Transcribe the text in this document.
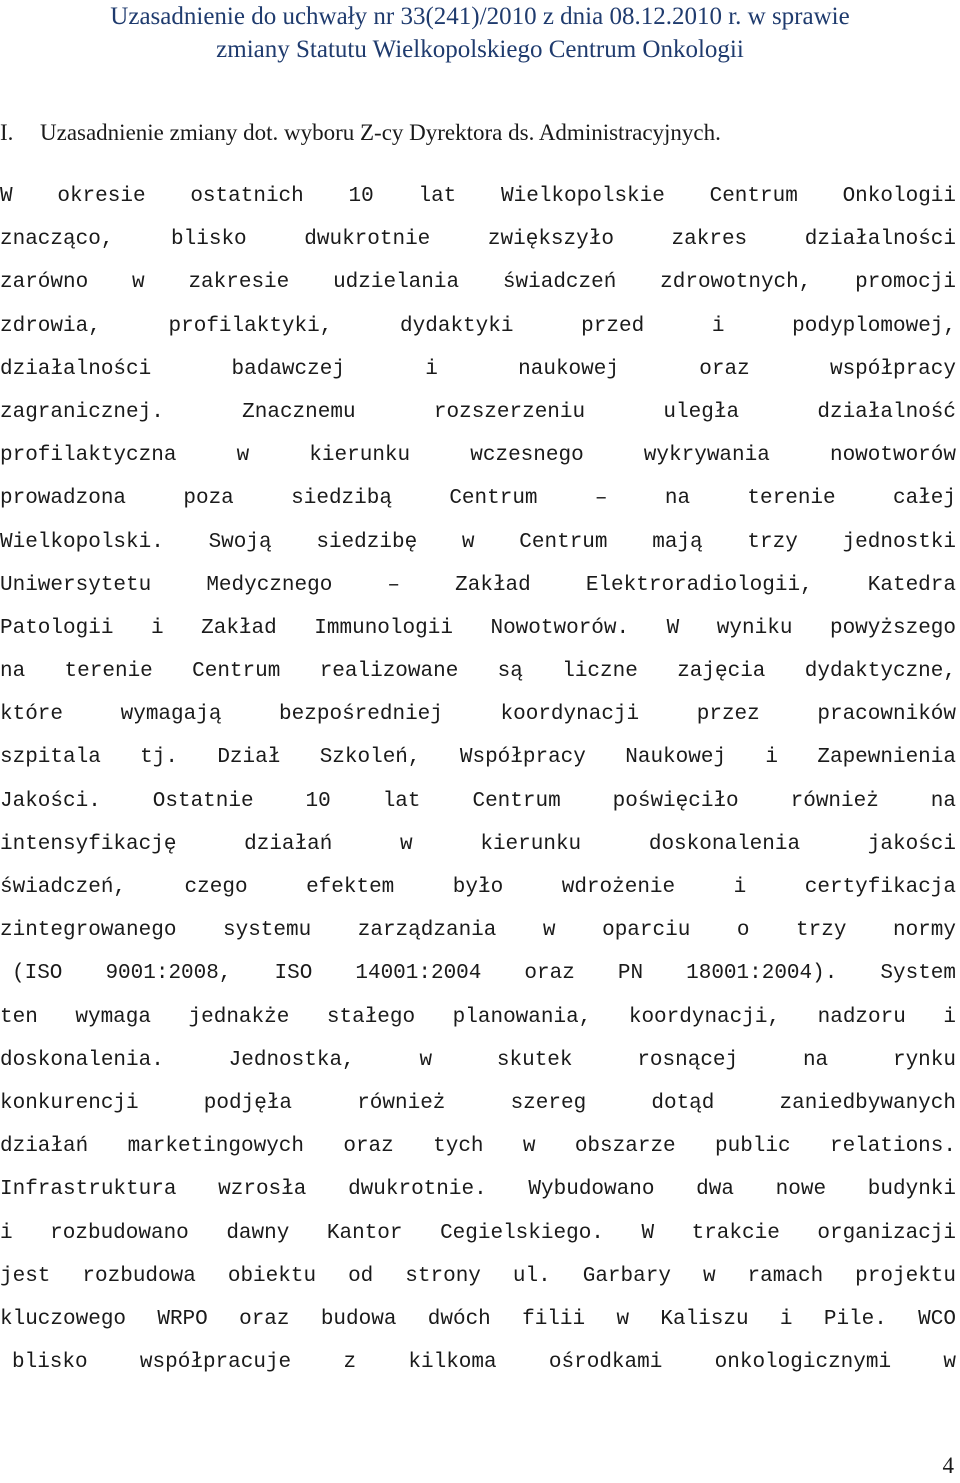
Uzasadnienie do uchwały nr 33(241)/2010 z dnia 08.12.2010 r. w sprawie
zmiany Statutu Wielkopolskiego Centrum Onkologii
I. Uzasadnienie zmiany dot. wyboru Z-cy Dyrektora ds. Administracyjnych.
W okresie ostatnich 10 lat Wielkopolskie Centrum Onkologii
znacząco, blisko dwukrotnie zwiększyło zakres działalności
zarówno w zakresie udzielania świadczeń zdrowotnych, promocji
zdrowia, profilaktyki, dydaktyki przed i podyplomowej,
działalności badawczej i naukowej oraz współpracy
zagranicznej. Znacznemu rozszerzeniu uległa działalność
profilaktyczna w kierunku wczesnego wykrywania nowotworów
prowadzona poza siedzibą Centrum – na terenie całej
Wielkopolski. Swoją siedzibę w Centrum mają trzy jednostki
Uniwersytetu Medycznego – Zakład Elektroradiologii, Katedra
Patologii i Zakład Immunologii Nowotworów. W wyniku powyższego
na terenie Centrum realizowane są liczne zajęcia dydaktyczne,
które wymagają bezpośredniej koordynacji przez pracowników
szpitala tj. Dział Szkoleń, Współpracy Naukowej i Zapewnienia
Jakości. Ostatnie 10 lat Centrum poświęciło również na
intensyfikację działań w kierunku doskonalenia jakości
świadczeń, czego efektem było wdrożenie i certyfikacja
zintegrowanego systemu zarządzania w oparciu o trzy normy
(ISO 9001:2008, ISO 14001:2004 oraz PN 18001:2004). System
ten wymaga jednakże stałego planowania, koordynacji, nadzoru i
doskonalenia. Jednostka, w skutek rosnącej na rynku
konkurencji podjęła również szereg dotąd zaniedbywanych
działań marketingowych oraz tych w obszarze public relations.
Infrastruktura wzrosła dwukrotnie. Wybudowano dwa nowe budynki
i rozbudowano dawny Kantor Cegielskiego. W trakcie organizacji
jest rozbudowa obiektu od strony ul. Garbary w ramach projektu
kluczowego WRPO oraz budowa dwóch filii w Kaliszu i Pile. WCO
blisko współpracuje z kilkoma ośrodkami onkologicznymi w
4
